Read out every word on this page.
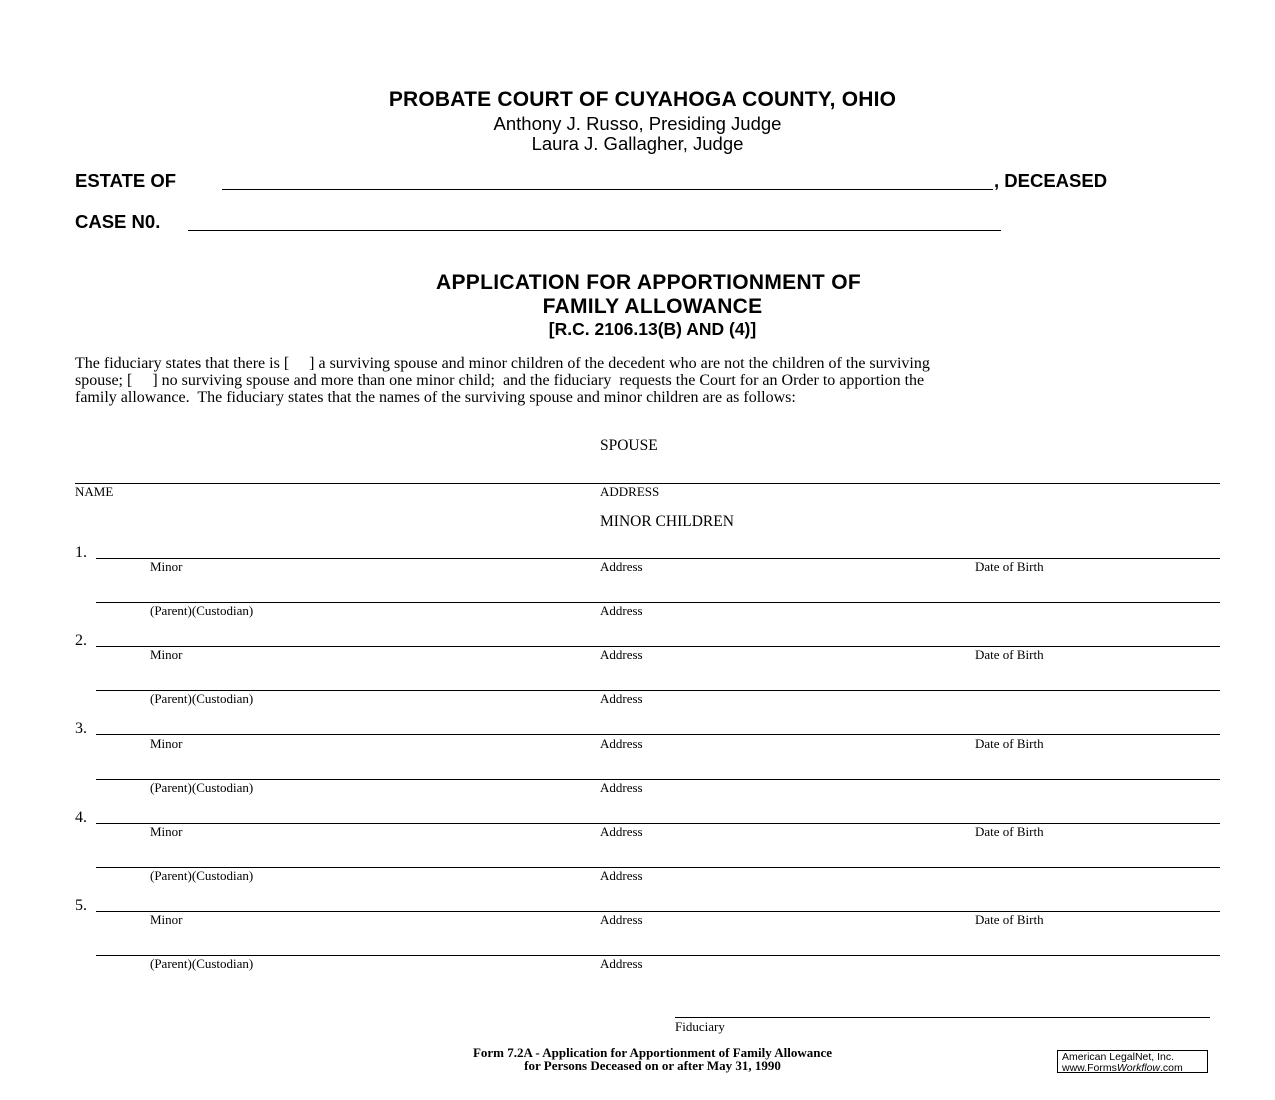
PROBATE COURT OF CUYAHOGA COUNTY, OHIO
Anthony J. Russo, Presiding Judge
Laura J. Gallagher, Judge
ESTATE OF	, DECEASED
CASE N0.
APPLICATION FOR APPORTIONMENT OF
FAMILY ALLOWANCE
[R.C. 2106.13(B) AND (4)]
The fiduciary states that there is [     ] a surviving spouse and minor children of the decedent who are not the children of the surviving
spouse; [     ] no surviving spouse and more than one minor child;  and the fiduciary  requests the Court for an Order to apportion the
family allowance.  The fiduciary states that the names of the surviving spouse and minor children are as follows:
SPOUSE
NAME	ADDRESS
MINOR CHILDREN
1.
Minor	Address	Date of Birth
(Parent)(Custodian)	Address
2.
Minor	Address	Date of Birth
(Parent)(Custodian)	Address
3.
Minor	Address	Date of Birth
(Parent)(Custodian)	Address
4.
Minor	Address	Date of Birth
(Parent)(Custodian)	Address
5.
Minor	Address	Date of Birth
(Parent)(Custodian)	Address
Fiduciary
Form 7.2A - Application for Apportionment of Family Allowance
for Persons Deceased on or after May 31, 1990
American LegalNet, Inc.
www.FormsWorkflow.com
